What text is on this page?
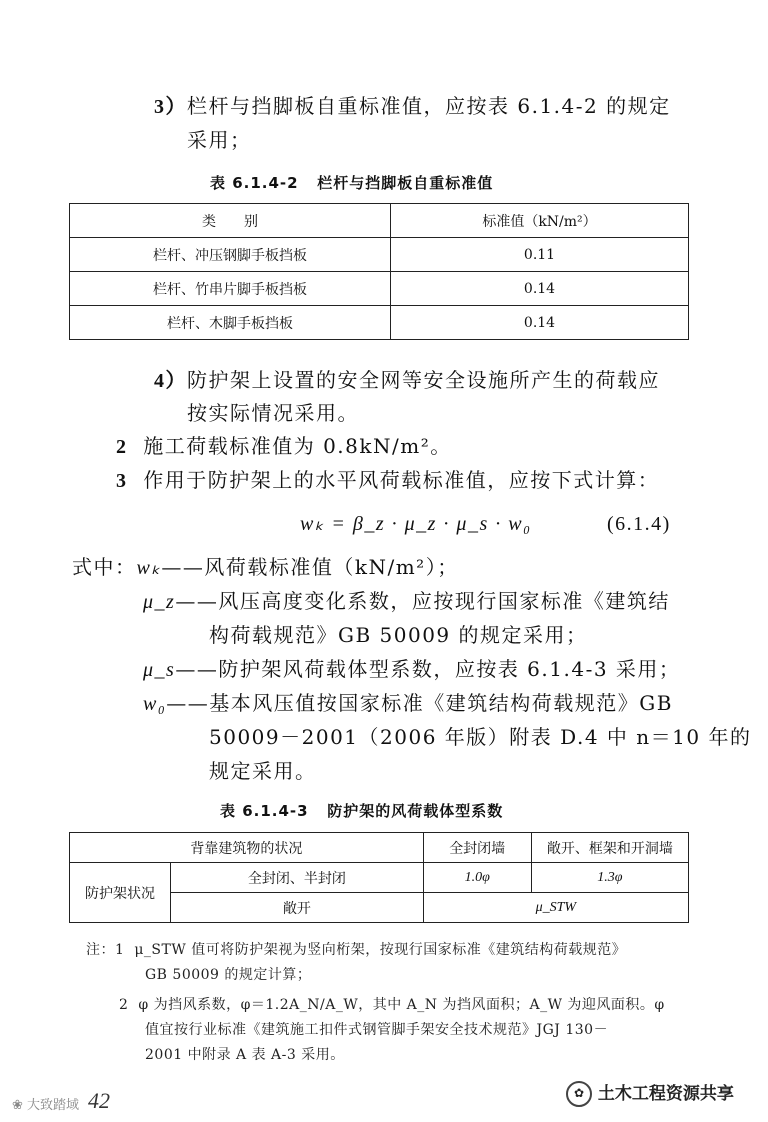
3）栏杆与挡脚板自重标准值，应按表 6.1.4-2 的规定
采用；
表 6.1.4-2 栏杆与挡脚板自重标准值
类　　别	标准值（kN/m²）
栏杆、冲压钢脚手板挡板	0.11
栏杆、竹串片脚手板挡板	0.14
栏杆、木脚手板挡板	0.14
4）防护架上设置的安全网等安全设施所产生的荷载应
按实际情况采用。
2 施工荷载标准值为 0.8kN/m²。
3 作用于防护架上的水平风荷载标准值，应按下式计算：
wₖ = β_z · μ_z · μ_s · w₀	(6.1.4)
式中：wₖ——风荷载标准值（kN/m²）；
μ_z——风压高度变化系数，应按现行国家标准《建筑结
构荷载规范》GB 50009 的规定采用；
μ_s——防护架风荷载体型系数，应按表 6.1.4-3 采用；
w₀——基本风压值按国家标准《建筑结构荷载规范》GB
50009－2001（2006 年版）附表 D.4 中 n＝10 年的
规定采用。
表 6.1.4-3 防护架的风荷载体型系数
背靠建筑物的状况		全封闭墙	敞开、框架和开洞墙
防护架状况	全封闭、半封闭	1.0φ	1.3φ
	敞开	μ_STW	
注：1 μ_STW 值可将防护架视为竖向桁架，按现行国家标准《建筑结构荷载规范》
GB 50009 的规定计算；
2 φ 为挡风系数，φ＝1.2A_N/A_W，其中 A_N 为挡风面积；A_W 为迎风面积。φ
值宜按行业标准《建筑施工扣件式钢管脚手架安全技术规范》JGJ 130－
2001 中附录 A 表 A-3 采用。
❀ 大致踏域 42	✿ 土木工程资源共享
